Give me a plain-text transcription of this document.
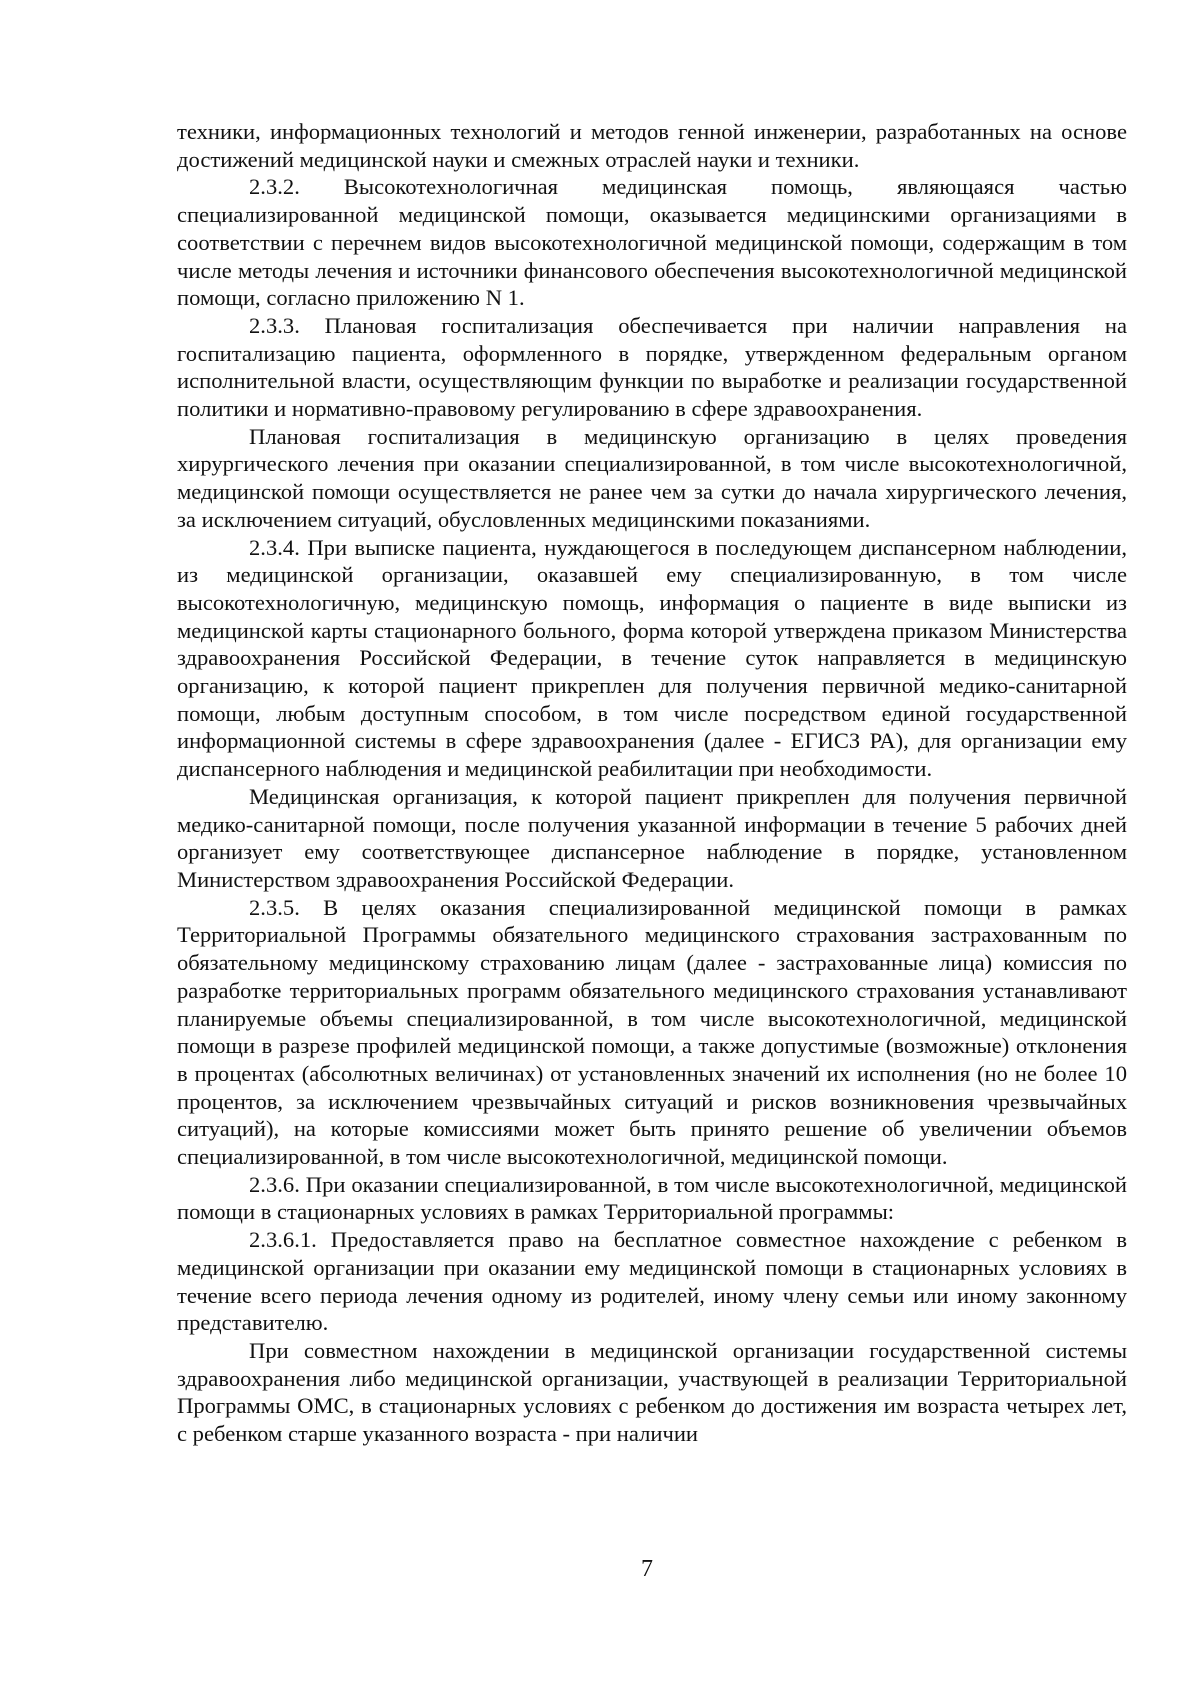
техники, информационных технологий и методов генной инженерии, разработанных на основе достижений медицинской науки и смежных отраслей науки и техники.

2.3.2. Высокотехнологичная медицинская помощь, являющаяся частью специализированной медицинской помощи, оказывается медицинскими организациями в соответствии с перечнем видов высокотехнологичной медицинской помощи, содержащим в том числе методы лечения и источники финансового обеспечения высокотехнологичной медицинской помощи, согласно приложению N 1.

2.3.3. Плановая госпитализация обеспечивается при наличии направления на госпитализацию пациента, оформленного в порядке, утвержденном федеральным органом исполнительной власти, осуществляющим функции по выработке и реализации государственной политики и нормативно-правовому регулированию в сфере здравоохранения.

Плановая госпитализация в медицинскую организацию в целях проведения хирургического лечения при оказании специализированной, в том числе высокотехнологичной, медицинской помощи осуществляется не ранее чем за сутки до начала хирургического лечения, за исключением ситуаций, обусловленных медицинскими показаниями.

2.3.4. При выписке пациента, нуждающегося в последующем диспансерном наблюдении, из медицинской организации, оказавшей ему специализированную, в том числе высокотехнологичную, медицинскую помощь, информация о пациенте в виде выписки из медицинской карты стационарного больного, форма которой утверждена приказом Министерства здравоохранения Российской Федерации, в течение суток направляется в медицинскую организацию, к которой пациент прикреплен для получения первичной медико-санитарной помощи, любым доступным способом, в том числе посредством единой государственной информационной системы в сфере здравоохранения (далее - ЕГИСЗ РА), для организации ему диспансерного наблюдения и медицинской реабилитации при необходимости.

Медицинская организация, к которой пациент прикреплен для получения первичной медико-санитарной помощи, после получения указанной информации в течение 5 рабочих дней организует ему соответствующее диспансерное наблюдение в порядке, установленном Министерством здравоохранения Российской Федерации.

2.3.5. В целях оказания специализированной медицинской помощи в рамках Территориальной Программы обязательного медицинского страхования застрахованным по обязательному медицинскому страхованию лицам (далее - застрахованные лица) комиссия по разработке территориальных программ обязательного медицинского страхования устанавливают планируемые объемы специализированной, в том числе высокотехнологичной, медицинской помощи в разрезе профилей медицинской помощи, а также допустимые (возможные) отклонения в процентах (абсолютных величинах) от установленных значений их исполнения (но не более 10 процентов, за исключением чрезвычайных ситуаций и рисков возникновения чрезвычайных ситуаций), на которые комиссиями может быть принято решение об увеличении объемов специализированной, в том числе высокотехнологичной, медицинской помощи.

2.3.6. При оказании специализированной, в том числе высокотехнологичной, медицинской помощи в стационарных условиях в рамках Территориальной программы:

2.3.6.1. Предоставляется право на бесплатное совместное нахождение с ребенком в медицинской организации при оказании ему медицинской помощи в стационарных условиях в течение всего периода лечения одному из родителей, иному члену семьи или иному законному представителю.

При совместном нахождении в медицинской организации государственной системы здравоохранения либо медицинской организации, участвующей в реализации Территориальной Программы ОМС, в стационарных условиях с ребенком до достижения им возраста четырех лет, с ребенком старше указанного возраста - при наличии

7
